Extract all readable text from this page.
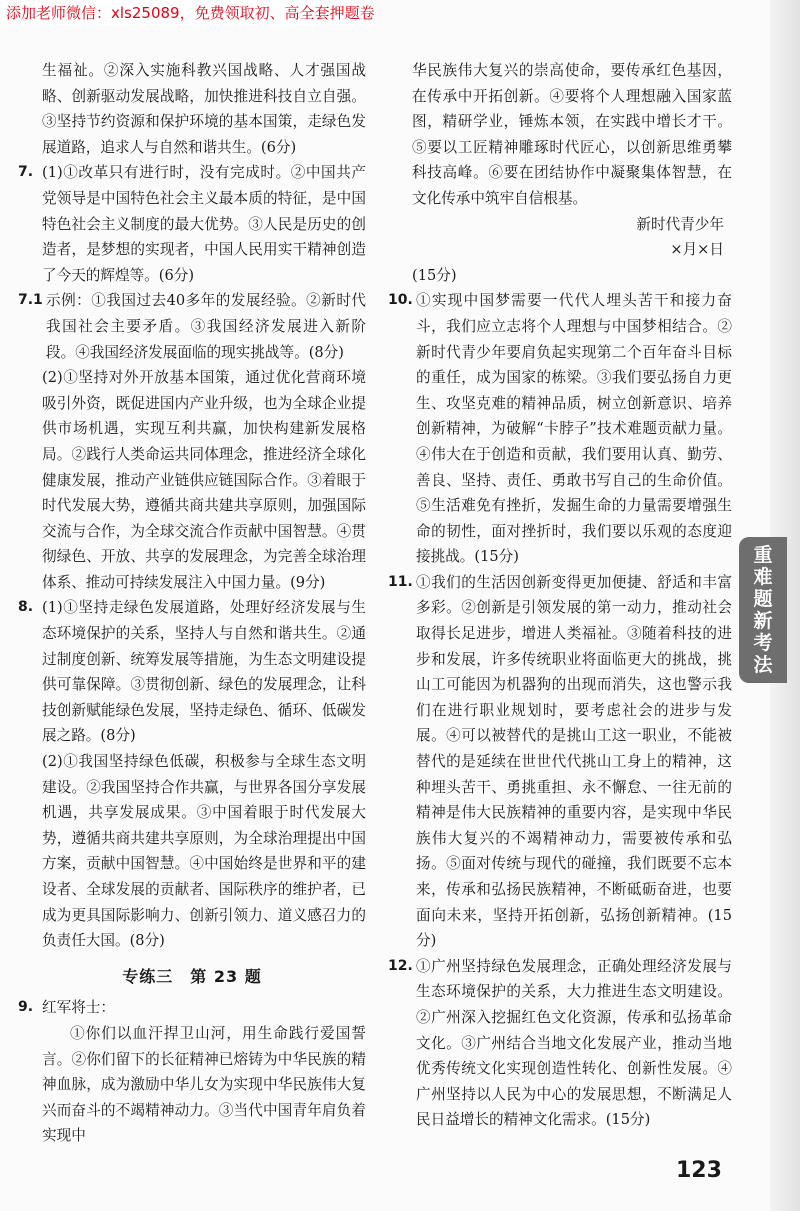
添加老师微信：xls25089，免费领取初、高全套押题卷

生福祉。②深入实施科教兴国战略、人才强国战略、创新驱动发展战略，加快推进科技自立自强。③坚持节约资源和保护环境的基本国策，走绿色发展道路，追求人与自然和谐共生。(6分)

7. (1)①改革只有进行时，没有完成时。②中国共产党领导是中国特色社会主义最本质的特征，是中国特色社会主义制度的最大优势。③人民是历史的创造者，是梦想的实现者，中国人民用实干精神创造了今天的辉煌等。(6分)
7.1 示例：①我国过去40多年的发展经验。②新时代我国社会主要矛盾。③我国经济发展进入新阶段。④我国经济发展面临的现实挑战等。(8分)

(2)①坚持对外开放基本国策，通过优化营商环境吸引外资，既促进国内产业升级，也为全球企业提供市场机遇，实现互利共赢，加快构建新发展格局。②践行人类命运共同体理念，推进经济全球化健康发展，推动产业链供应链国际合作。③着眼于时代发展大势，遵循共商共建共享原则，加强国际交流与合作，为全球交流合作贡献中国智慧。④贯彻绿色、开放、共享的发展理念，为完善全球治理体系、推动可持续发展注入中国力量。(9分)

8. (1)①坚持走绿色发展道路，处理好经济发展与生态环境保护的关系，坚持人与自然和谐共生。②通过制度创新、统筹发展等措施，为生态文明建设提供可靠保障。③贯彻创新、绿色的发展理念，让科技创新赋能绿色发展，坚持走绿色、循环、低碳发展之路。(8分)

(2)①我国坚持绿色低碳，积极参与全球生态文明建设。②我国坚持合作共赢，与世界各国分享发展机遇，共享发展成果。③中国着眼于时代发展大势，遵循共商共建共享原则，为全球治理提出中国方案，贡献中国智慧。④中国始终是世界和平的建设者、全球发展的贡献者、国际秩序的维护者，已成为更具国际影响力、创新引领力、道义感召力的负责任大国。(8分)

专练三　第 23 题
9. 红军将士：

①你们以血汗捍卫山河，用生命践行爱国誓言。②你们留下的长征精神已熔铸为中华民族的精神血脉，成为激励中华儿女为实现中华民族伟大复兴而奋斗的不竭精神动力。③当代中国青年肩负着实现中

华民族伟大复兴的崇高使命，要传承红色基因，在传承中开拓创新。④要将个人理想融入国家蓝图，精研学业，锤炼本领，在实践中增长才干。⑤要以工匠精神雕琢时代匠心，以创新思维勇攀科技高峰。⑥要在团结协作中凝聚集体智慧，在文化传承中筑牢自信根基。

新时代青少年

×月×日

(15分)

10. ①实现中国梦需要一代代人埋头苦干和接力奋斗，我们应立志将个人理想与中国梦相结合。②新时代青少年要肩负起实现第二个百年奋斗目标的重任，成为国家的栋梁。③我们要弘扬自力更生、攻坚克难的精神品质，树立创新意识、培养创新精神，为破解“卡脖子”技术难题贡献力量。④伟大在于创造和贡献，我们要用认真、勤劳、善良、坚持、责任、勇敢书写自己的生命价值。⑤生活难免有挫折，发掘生命的力量需要增强生命的韧性，面对挫折时，我们要以乐观的态度迎接挑战。(15分)
11. ①我们的生活因创新变得更加便捷、舒适和丰富多彩。②创新是引领发展的第一动力，推动社会取得长足进步，增进人类福祉。③随着科技的进步和发展，许多传统职业将面临更大的挑战，挑山工可能因为机器狗的出现而消失，这也警示我们在进行职业规划时，要考虑社会的进步与发展。④可以被替代的是挑山工这一职业，不能被替代的是延续在世世代代挑山工身上的精神，这种埋头苦干、勇挑重担、永不懈怠、一往无前的精神是伟大民族精神的重要内容，是实现中华民族伟大复兴的不竭精神动力，需要被传承和弘扬。⑤面对传统与现代的碰撞，我们既要不忘本来，传承和弘扬民族精神，不断砥砺奋进，也要面向未来，坚持开拓创新，弘扬创新精神。(15分)
12. ①广州坚持绿色发展理念，正确处理经济发展与生态环境保护的关系，大力推进生态文明建设。②广州深入挖掘红色文化资源，传承和弘扬革命文化。③广州结合当地文化发展产业，推动当地优秀传统文化实现创造性转化、创新性发展。④广州坚持以人民为中心的发展思想，不断满足人民日益增长的精神文化需求。(15分)
重
难
题
新
考
法
123
